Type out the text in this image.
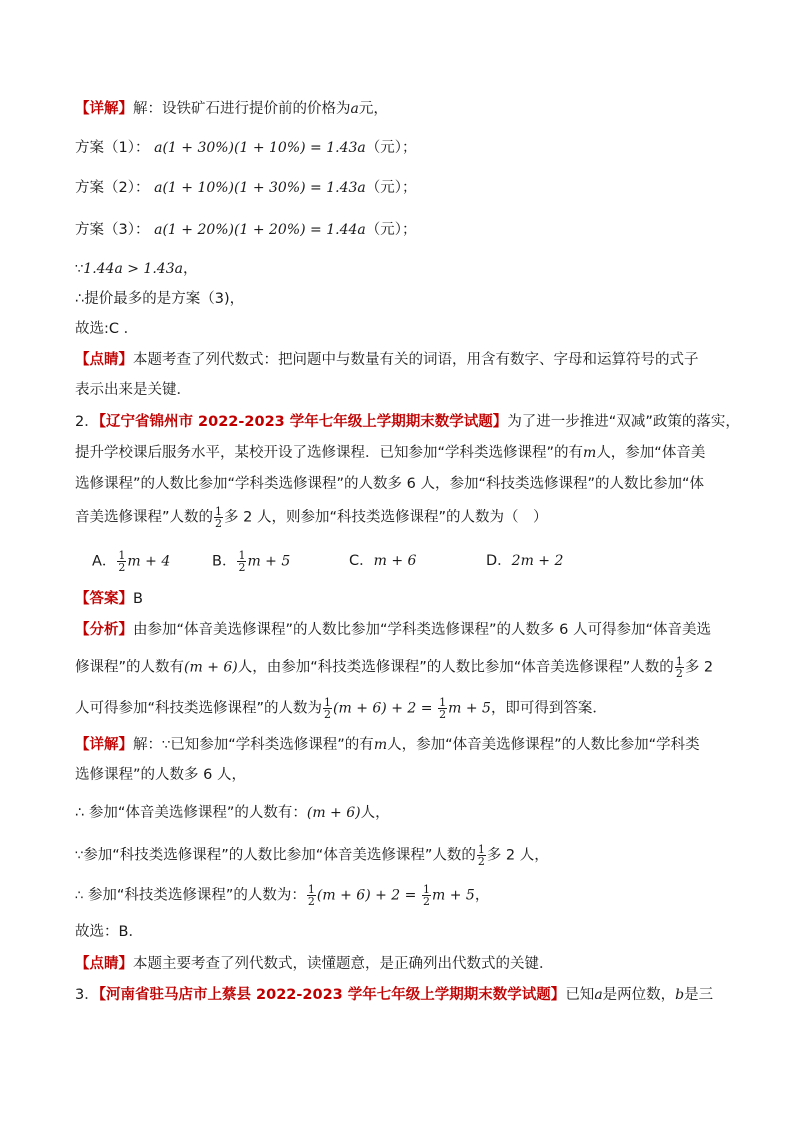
【详解】解：设铁矿石进行提价前的价格为a元，
方案（1）： a(1 + 30%)(1 + 10%) = 1.43a（元）；
方案（2）： a(1 + 10%)(1 + 30%) = 1.43a（元）；
方案（3）： a(1 + 20%)(1 + 20%) = 1.44a（元）；
∵1.44a > 1.43a，
∴提价最多的是方案（3)，
故选:C ．
【点睛】本题考查了列代数式：把问题中与数量有关的词语，用含有数字、字母和运算符号的式子
表示出来是关键．
2．【辽宁省锦州市 2022-2023 学年七年级上学期期末数学试题】为了进一步推进“双减”政策的落实，
提升学校课后服务水平，某校开设了选修课程．已知参加“学科类选修课程”的有m人，参加“体音美
选修课程”的人数比参加“学科类选修课程”的人数多 6 人，参加“科技类选修课程”的人数比参加“体
音美选修课程”人数的 $\frac{1}{2}$ 多 2 人，则参加“科技类选修课程”的人数为（　）
A． $\frac{1}{2}$ m + 4	B． $\frac{1}{2}$ m + 5	C．m + 6	D．2m + 2
【答案】B
【分析】由参加“体音美选修课程”的人数比参加“学科类选修课程”的人数多 6 人可得参加“体音美选
修课程”的人数有(m + 6)人，由参加“科技类选修课程”的人数比参加“体音美选修课程”人数的 $\frac{1}{2}$ 多 2
人可得参加“科技类选修课程”的人数为 $\frac{1}{2} (m + 6) + 2 = \frac{1}{2}$ m + 5，即可得到答案．
【详解】解：∵已知参加“学科类选修课程”的有m人，参加“体音美选修课程”的人数比参加“学科类
选修课程”的人数多 6 人，
∴ 参加“体音美选修课程”的人数有：(m + 6)人，
∵参加“科技类选修课程”的人数比参加“体音美选修课程”人数的 $\frac{1}{2}$ 多 2 人，
∴ 参加“科技类选修课程”的人数为： $\frac{1}{2} (m + 6) + 2 = \frac{1}{2}$ m + 5，
故选：B．
【点睛】本题主要考查了列代数式，读懂题意，是正确列出代数式的关键．
3．【河南省驻马店市上蔡县 2022-2023 学年七年级上学期期末数学试题】已知a是两位数，b是三
